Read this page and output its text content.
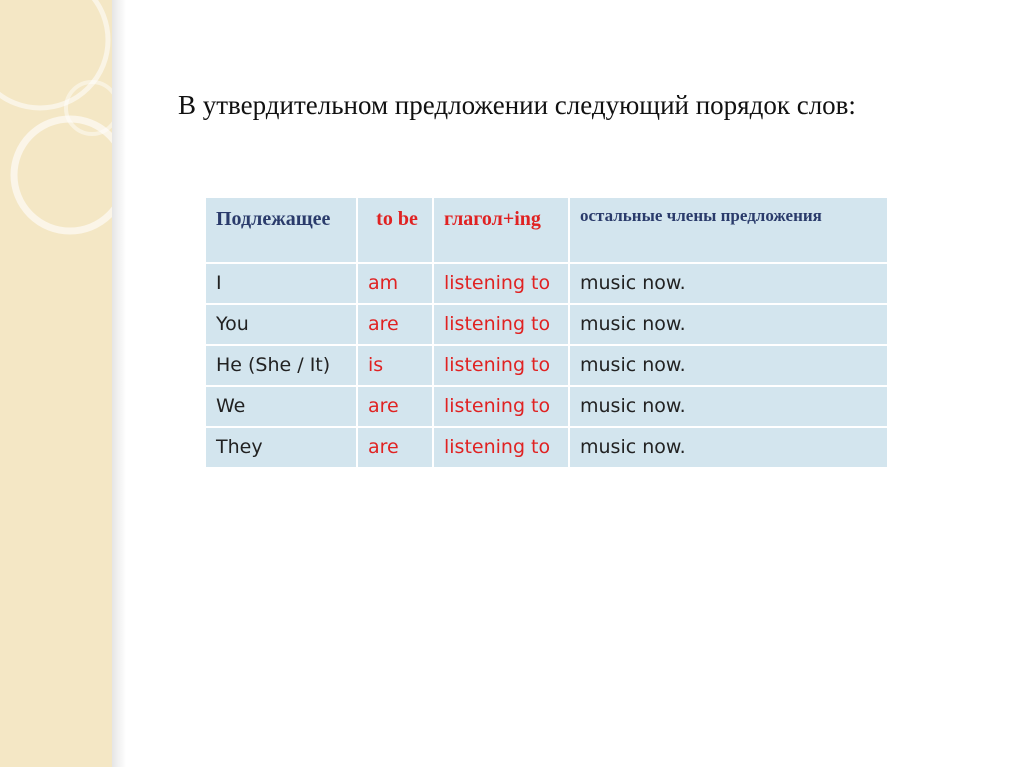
В утвердительном предложении следующий порядок слов:
Подлежащее	to be	глагол+ing	остальные члены предложения
I	am	listening to	music now.
You	are	listening to	music now.
He (She / It)	is	listening to	music now.
We	are	listening to	music now.
They	are	listening to	music now.
